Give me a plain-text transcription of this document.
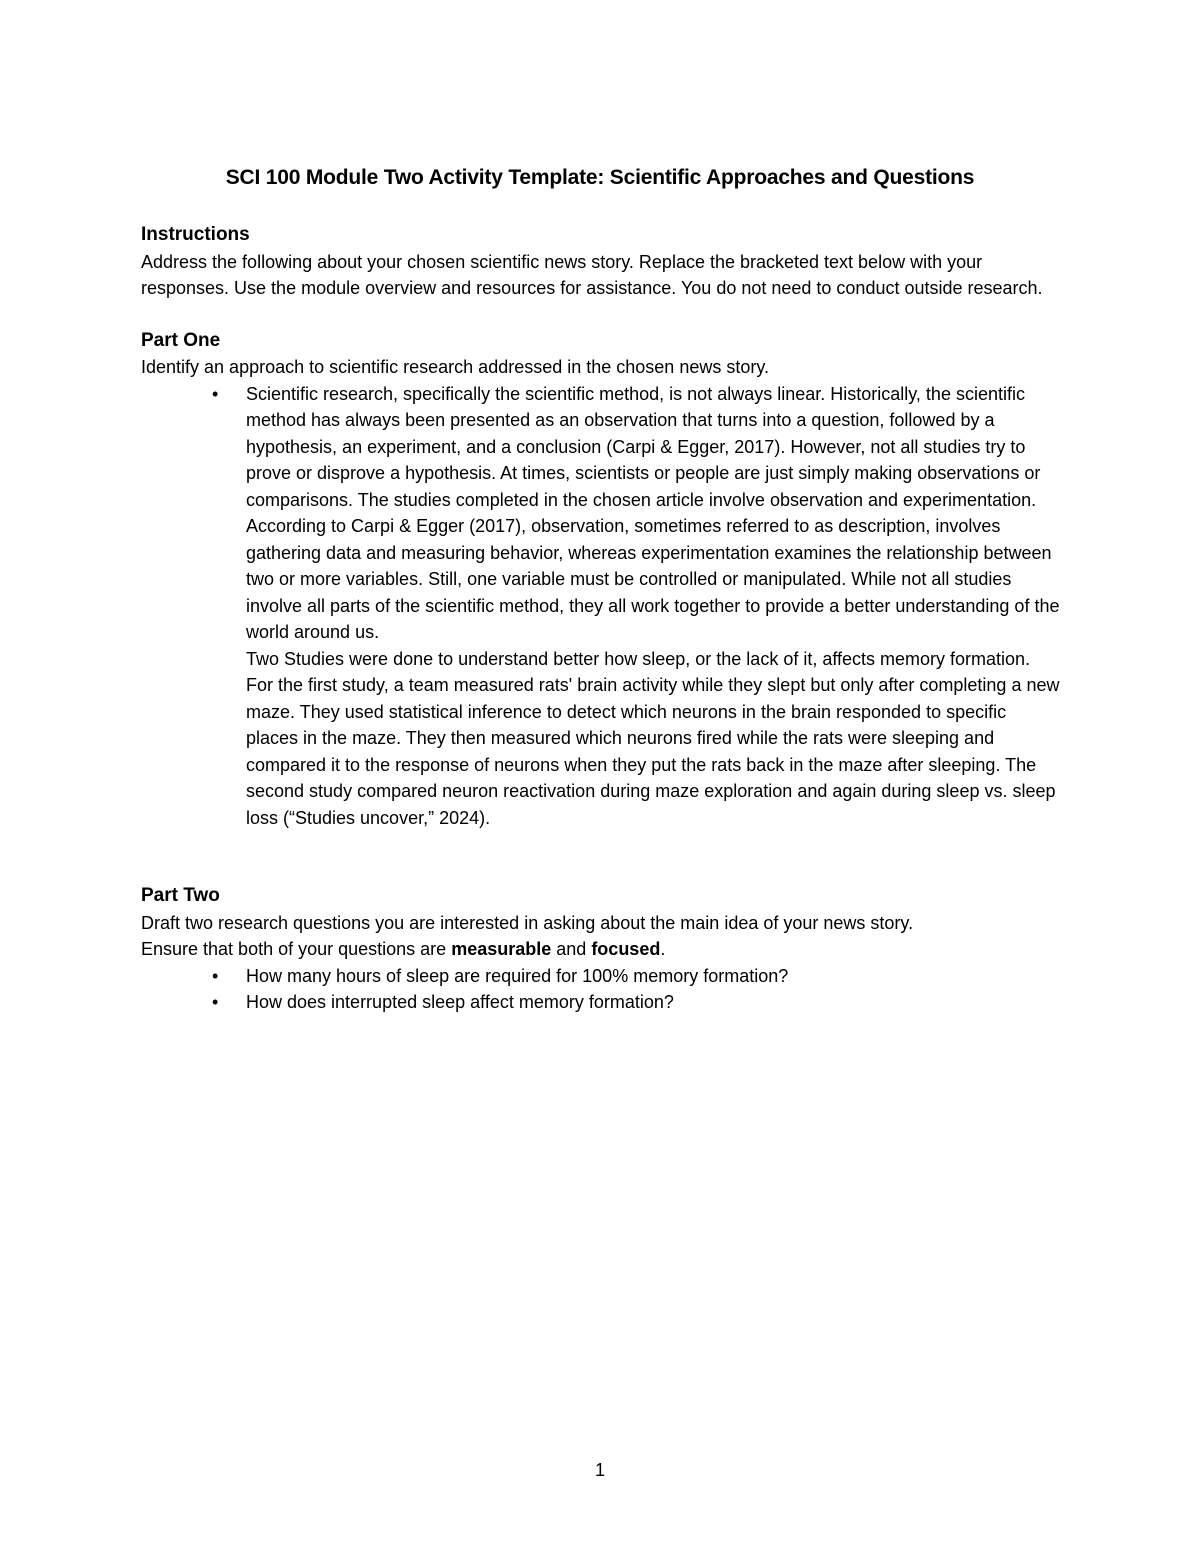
SCI 100 Module Two Activity Template: Scientific Approaches and Questions

Instructions

Address the following about your chosen scientific news story. Replace the bracketed text below with your responses. Use the module overview and resources for assistance. You do not need to conduct outside research.

Part One

Identify an approach to scientific research addressed in the chosen news story.

• Scientific research, specifically the scientific method, is not always linear. Historically, the scientific method has always been presented as an observation that turns into a question, followed by a hypothesis, an experiment, and a conclusion (Carpi & Egger, 2017). However, not all studies try to prove or disprove a hypothesis. At times, scientists or people are just simply making observations or comparisons. The studies completed in the chosen article involve observation and experimentation. According to Carpi & Egger (2017), observation, sometimes referred to as description, involves gathering data and measuring behavior, whereas experimentation examines the relationship between two or more variables. Still, one variable must be controlled or manipulated. While not all studies involve all parts of the scientific method, they all work together to provide a better understanding of the world around us.

Two Studies were done to understand better how sleep, or the lack of it, affects memory formation. For the first study, a team measured rats' brain activity while they slept but only after completing a new maze. They used statistical inference to detect which neurons in the brain responded to specific places in the maze. They then measured which neurons fired while the rats were sleeping and compared it to the response of neurons when they put the rats back in the maze after sleeping. The second study compared neuron reactivation during maze exploration and again during sleep vs. sleep loss (“Studies uncover,” 2024).

Part Two

Draft two research questions you are interested in asking about the main idea of your news story.

Ensure that both of your questions are measurable and focused.

• How many hours of sleep are required for 100% memory formation?
• How does interrupted sleep affect memory formation?
1
